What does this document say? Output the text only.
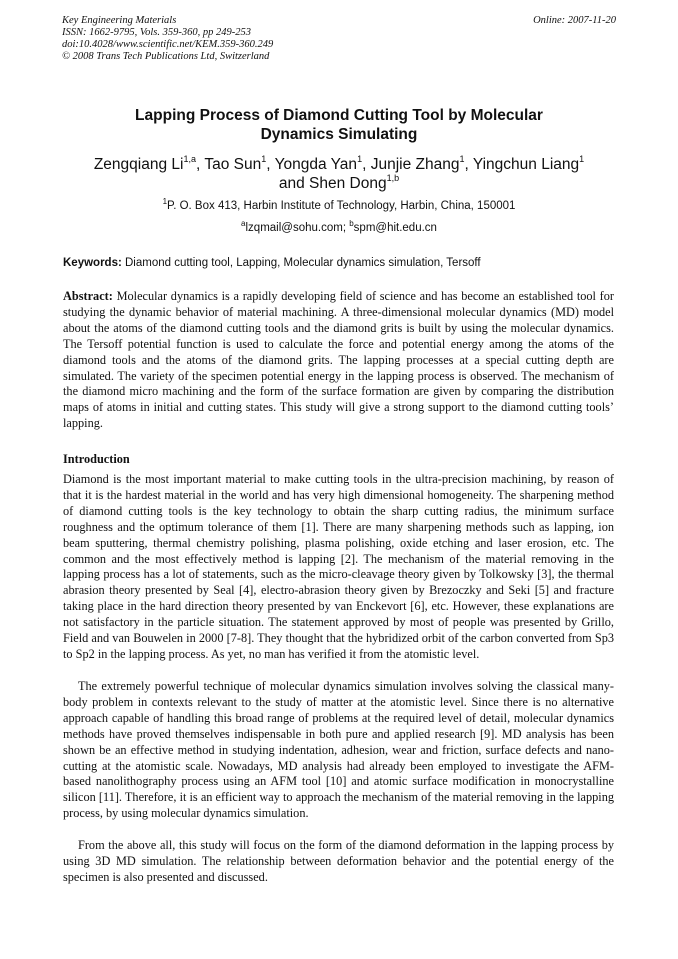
Key Engineering Materials
ISSN: 1662-9795, Vols. 359-360, pp 249-253
doi:10.4028/www.scientific.net/KEM.359-360.249
© 2008 Trans Tech Publications Ltd, Switzerland
Online: 2007-11-20
Lapping Process of Diamond Cutting Tool by Molecular
Dynamics Simulating
Zengqiang Li$^{1,a}$, Tao Sun$^1$, Yongda Yan$^1$, Junjie Zhang$^1$, Yingchun Liang$^1$
and Shen Dong$^{1,b}$
$^1$P. O. Box 413, Harbin Institute of Technology, Harbin, China, 150001
$^a$lzqmail@sohu.com; $^b$spm@hit.edu.cn
Keywords: Diamond cutting tool, Lapping, Molecular dynamics simulation, Tersoff
Abstract: Molecular dynamics is a rapidly developing field of science and has become an established tool for studying the dynamic behavior of material machining. A three-dimensional molecular dynamics (MD) model about the atoms of the diamond cutting tools and the diamond grits is built by using the molecular dynamics. The Tersoff potential function is used to calculate the force and potential energy among the atoms of the diamond tools and the atoms of the diamond grits. The lapping processes at a special cutting depth are simulated. The variety of the specimen potential energy in the lapping process is observed. The mechanism of the diamond micro machining and the form of the surface formation are given by comparing the distribution maps of atoms in initial and cutting states. This study will give a strong support to the diamond cutting tools’ lapping.
Introduction
Diamond is the most important material to make cutting tools in the ultra-precision machining, by reason of that it is the hardest material in the world and has very high dimensional homogeneity. The sharpening method of diamond cutting tools is the key technology to obtain the sharp cutting radius, the minimum surface roughness and the optimum tolerance of them [1]. There are many sharpening methods such as lapping, ion beam sputtering, thermal chemistry polishing, plasma polishing, oxide etching and laser erosion, etc. The common and the most effectively method is lapping [2]. The mechanism of the material removing in the lapping process has a lot of statements, such as the micro-cleavage theory given by Tolkowsky [3], the thermal abrasion theory presented by Seal [4], electro-abrasion theory given by Brezoczky and Seki [5] and fracture taking place in the hard direction theory presented by van Enckevort [6], etc. However, these explanations are not satisfactory in the particle situation. The statement approved by most of people was presented by Grillo, Field and van Bouwelen in 2000 [7-8]. They thought that the hybridized orbit of the carbon converted from Sp3 to Sp2 in the lapping process. As yet, no man has verified it from the atomistic level.
The extremely powerful technique of molecular dynamics simulation involves solving the classical many-body problem in contexts relevant to the study of matter at the atomistic level. Since there is no alternative approach capable of handling this broad range of problems at the required level of detail, molecular dynamics methods have proved themselves indispensable in both pure and applied research [9]. MD analysis has been shown be an effective method in studying indentation, adhesion, wear and friction, surface defects and nano-cutting at the atomistic scale. Nowadays, MD analysis had already been employed to investigate the AFM-based nanolithography process using an AFM tool [10] and atomic surface modification in monocrystalline silicon [11]. Therefore, it is an efficient way to approach the mechanism of the material removing in the lapping process, by using molecular dynamics simulation.
From the above all, this study will focus on the form of the diamond deformation in the lapping process by using 3D MD simulation. The relationship between deformation behavior and the potential energy of the specimen is also presented and discussed.
